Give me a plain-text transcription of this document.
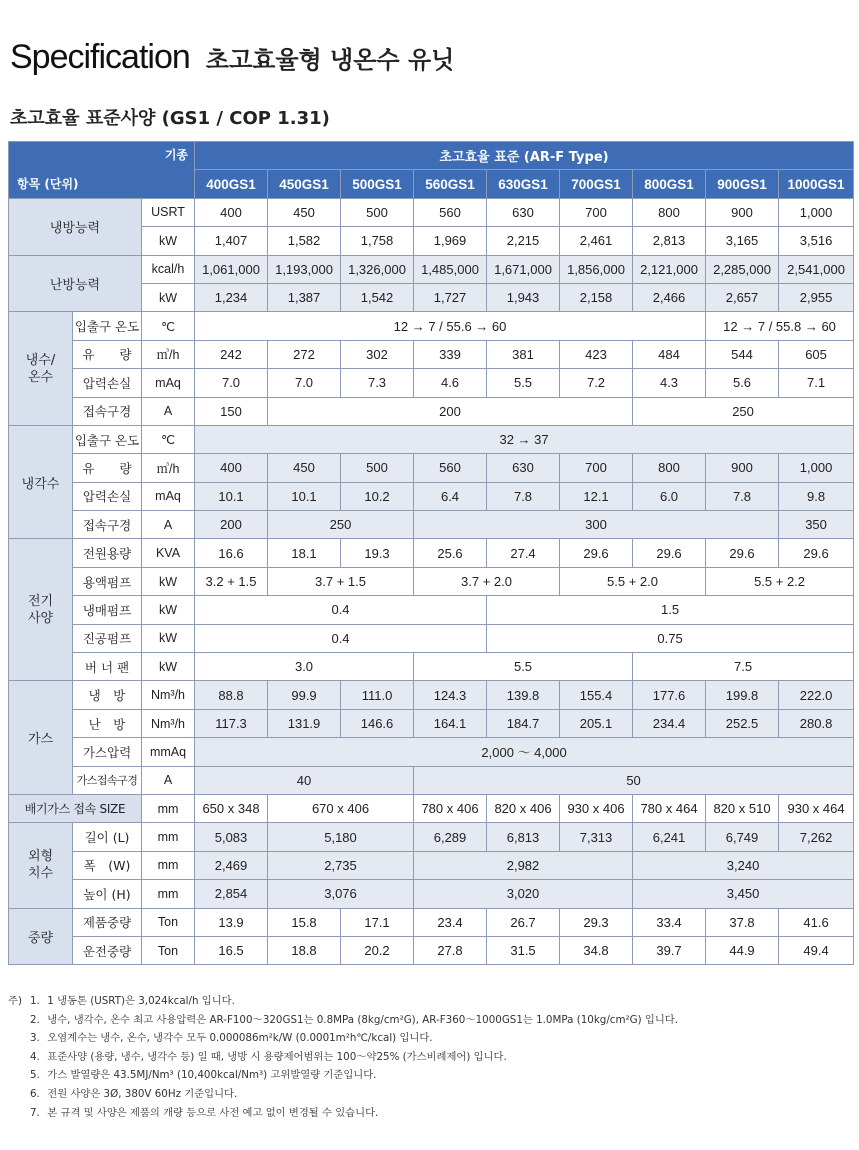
Specification 초고효율형 냉온수 유닛
초고효율 표준사양 (GS1 / COP 1.31)
기종
항목 (단위)			초고효율 표준 (AR-F Type)								
			400GS1	450GS1	500GS1	560GS1	630GS1	700GS1	800GS1	900GS1	1000GS1
냉방능력		USRT	400	450	500	560	630	700	800	900	1,000
		kW	1,407	1,582	1,758	1,969	2,215	2,461	2,813	3,165	3,516
난방능력		kcal/h	1,061,000	1,193,000	1,326,000	1,485,000	1,671,000	1,856,000	2,121,000	2,285,000	2,541,000
		kW	1,234	1,387	1,542	1,727	1,943	2,158	2,466	2,657	2,955
냉수/
온수	입출구 온도	℃	12 → 7 / 55.6 → 60							12 → 7 / 55.8 → 60	
	유　　량	㎥/h	242	272	302	339	381	423	484	544	605
	압력손실	mAq	7.0	7.0	7.3	4.6	5.5	7.2	4.3	5.6	7.1
	접속구경	A	150	200					250		
냉각수	입출구 온도	℃	32 → 37								
	유　　량	㎥/h	400	450	500	560	630	700	800	900	1,000
	압력손실	mAq	10.1	10.1	10.2	6.4	7.8	12.1	6.0	7.8	9.8
	접속구경	A	200	250		300					350
전기
사양	전원용량	KVA	16.6	18.1	19.3	25.6	27.4	29.6	29.6	29.6	29.6
	용액펌프	kW	3.2 + 1.5	3.7 + 1.5		3.7 + 2.0		5.5 + 2.0		5.5 + 2.2	
	냉매펌프	kW	0.4				1.5				
	진공펌프	kW	0.4				0.75				
	버 너 팬	kW	3.0			5.5			7.5		
가스	냉　방	Nm³/h	88.8	99.9	111.0	124.3	139.8	155.4	177.6	199.8	222.0
	난　방	Nm³/h	117.3	131.9	146.6	164.1	184.7	205.1	234.4	252.5	280.8
	가스압력	mmAq	2,000 ～ 4,000								
	가스접속구경	A	40			50					
배기가스 접속 SIZE		mm	650 x 348	670 x 406		780 x 406	820 x 406	930 x 406	780 x 464	820 x 510	930 x 464
외형
치수	길이 (L)	mm	5,083	5,180		6,289	6,813	7,313	6,241	6,749	7,262
	폭　(W)	mm	2,469	2,735		2,982			3,240		
	높이 (H)	mm	2,854	3,076		3,020			3,450		
중량	제품중량	Ton	13.9	15.8	17.1	23.4	26.7	29.3	33.4	37.8	41.6
	운전중량	Ton	16.5	18.8	20.2	27.8	31.5	34.8	39.7	44.9	49.4
주) 1. 1 냉동톤 (USRT)은 3,024kcal/h 입니다.
2. 냉수, 냉각수, 온수 최고 사용압력은 AR-F100～320GS1는 0.8MPa (8kg/cm²G), AR-F360～1000GS1는 1.0MPa (10kg/cm²G) 입니다.
3. 오염계수는 냉수, 온수, 냉각수 모두 0.000086m²k/W (0.0001m²h℃/kcal) 입니다.
4. 표준사양 (용량, 냉수, 냉각수 등) 일 때, 냉방 시 용량제어범위는 100～약25% (가스비례제어) 입니다.
5. 가스 발열량은 43.5MJ/Nm³ (10,400kcal/Nm³) 고위발열량 기준입니다.
6. 전원 사양은 3Ø, 380V 60Hz 기준입니다.
7. 본 규격 및 사양은 제품의 개량 등으로 사전 예고 없이 변경될 수 있습니다.
